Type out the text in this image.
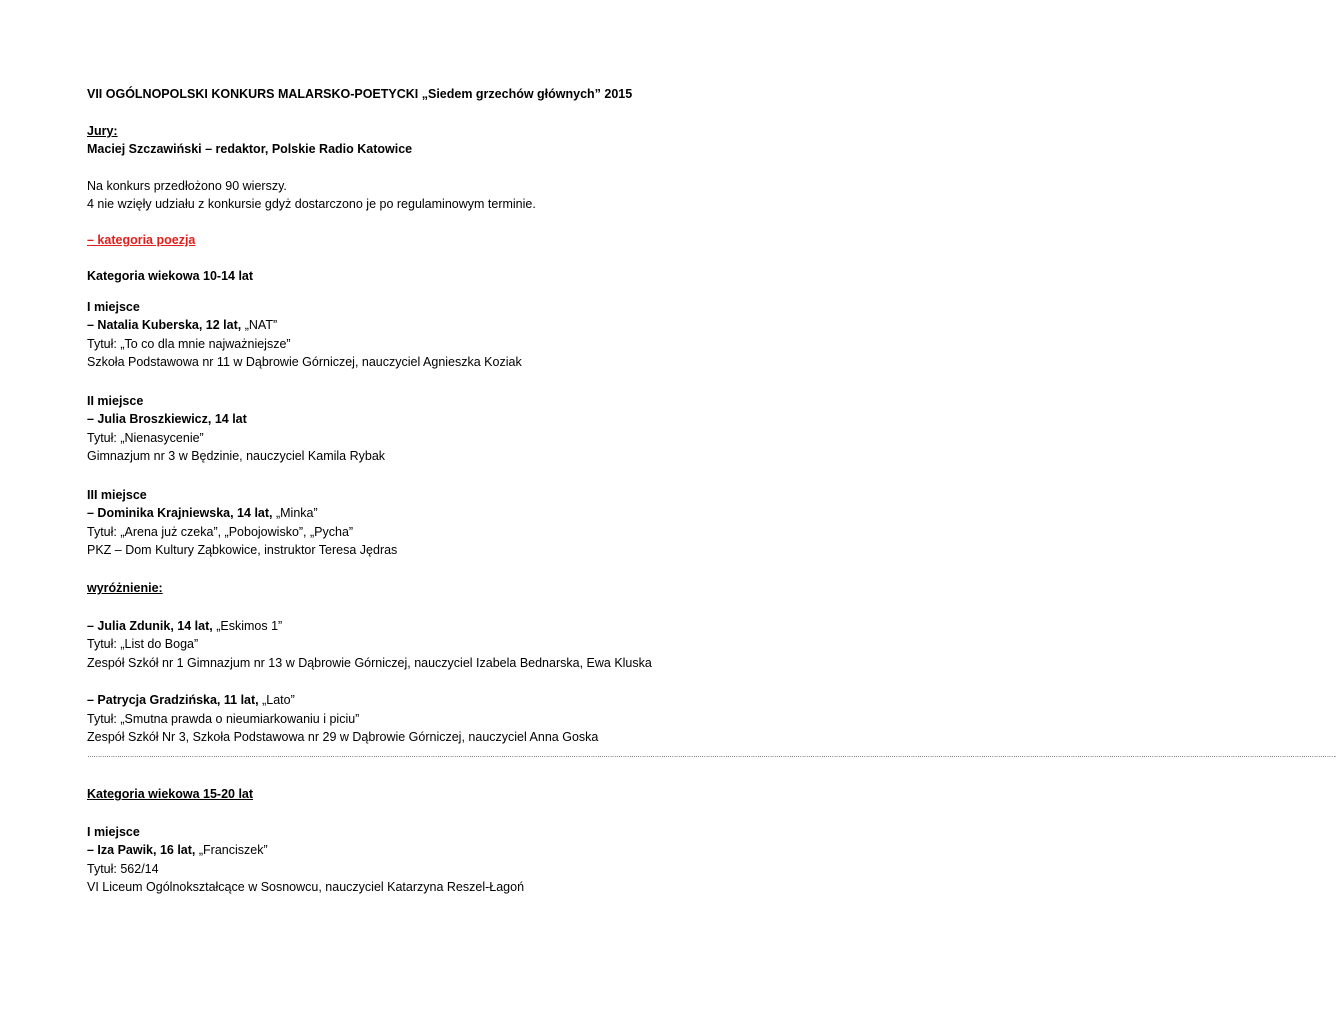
VII OGÓLNOPOLSKI KONKURS MALARSKO-POETYCKI „Siedem grzechów głównych” 2015
Jury:
Maciej Szczawiński – redaktor, Polskie Radio Katowice
Na konkurs przedłożono 90 wierszy.
4 nie wzięły udziału z konkursie gdyż dostarczono je po regulaminowym terminie.
– kategoria poezja
Kategoria wiekowa 10-14 lat
I miejsce
– Natalia Kuberska, 12 lat, „NAT”
Tytuł: „To co dla mnie najważniejsze”
Szkoła Podstawowa nr 11 w Dąbrowie Górniczej, nauczyciel Agnieszka Koziak
II miejsce
– Julia Broszkiewicz, 14 lat
Tytuł: „Nienasycenie”
Gimnazjum nr 3 w Będzinie, nauczyciel Kamila Rybak
III miejsce
– Dominika Krajniewska, 14 lat, „Minka”
Tytuł: „Arena już czeka”, „Pobojowisko”, „Pycha”
PKZ – Dom Kultury Ząbkowice, instruktor Teresa Jędras
wyróżnienie:
– Julia Zdunik, 14 lat, „Eskimos 1”
Tytuł: „List do Boga”
Zespół Szkół nr 1 Gimnazjum nr 13 w Dąbrowie Górniczej, nauczyciel Izabela Bednarska, Ewa Kluska
– Patrycja Gradzińska, 11 lat, „Lato”
Tytuł: „Smutna prawda o nieumiarkowaniu i piciu”
Zespół Szkół Nr 3, Szkoła Podstawowa nr 29 w Dąbrowie Górniczej, nauczyciel Anna Goska
……………………………………………………………………………………………………………………………………………………………………………………………………………………………………………………………………………………………………………………………………………………………………………………………………………………………………………………………………………………………………………………………………….
Kategoria wiekowa 15-20 lat
I miejsce
– Iza Pawik, 16 lat, „Franciszek”
Tytuł: 562/14
VI Liceum Ogólnokształcące w Sosnowcu, nauczyciel Katarzyna Reszel-Łagoń
